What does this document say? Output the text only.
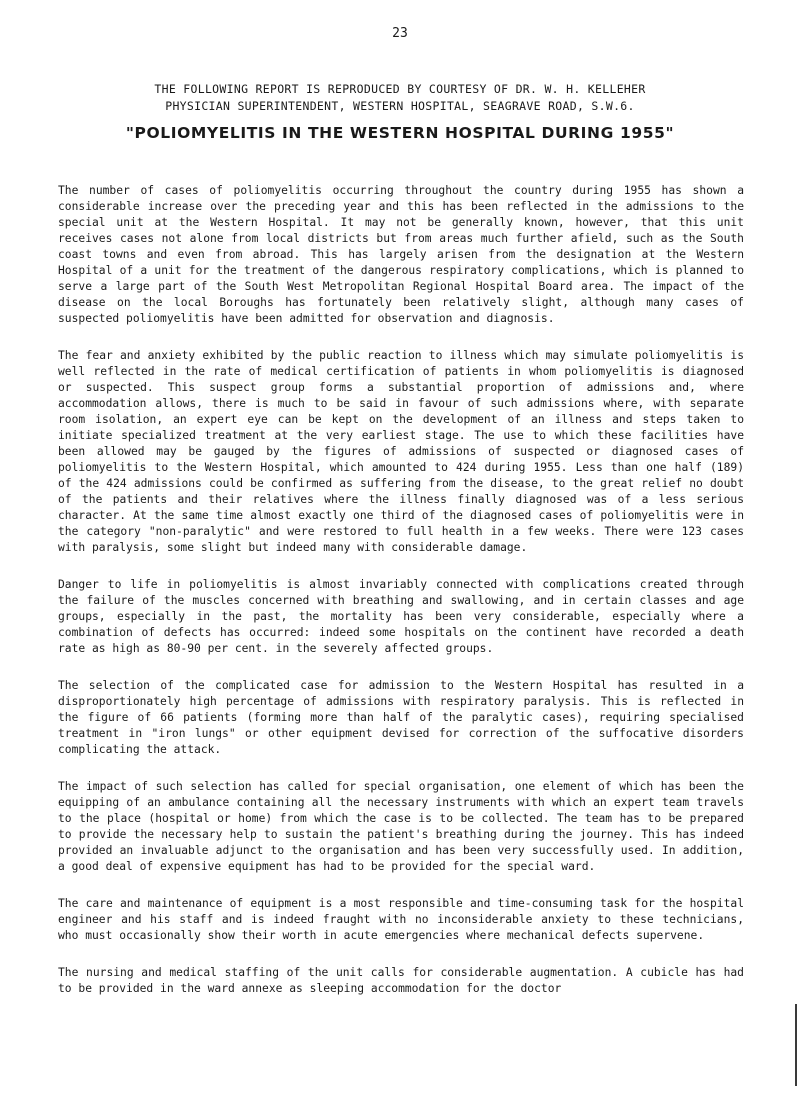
23
THE FOLLOWING REPORT IS REPRODUCED BY COURTESY OF DR. W. H. KELLEHER
PHYSICIAN SUPERINTENDENT, WESTERN HOSPITAL, SEAGRAVE ROAD, S.W.6.
"POLIOMYELITIS IN THE WESTERN HOSPITAL DURING 1955"

The number of cases of poliomyelitis occurring throughout the country during 1955 has shown a considerable increase over the preceding year and this has been reflected in the admissions to the special unit at the Western Hospital. It may not be generally known, however, that this unit receives cases not alone from local districts but from areas much further afield, such as the South coast towns and even from abroad. This has largely arisen from the designation at the Western Hospital of a unit for the treatment of the dangerous respiratory complications, which is planned to serve a large part of the South West Metropolitan Regional Hospital Board area. The impact of the disease on the local Boroughs has fortunately been relatively slight, although many cases of suspected poliomyelitis have been admitted for observation and diagnosis.

The fear and anxiety exhibited by the public reaction to illness which may simulate poliomyelitis is well reflected in the rate of medical certification of patients in whom poliomyelitis is diagnosed or suspected. This suspect group forms a substantial proportion of admissions and, where accommodation allows, there is much to be said in favour of such admissions where, with separate room isolation, an expert eye can be kept on the development of an illness and steps taken to initiate specialized treatment at the very earliest stage. The use to which these facilities have been allowed may be gauged by the figures of admissions of suspected or diagnosed cases of poliomyelitis to the Western Hospital, which amounted to 424 during 1955. Less than one half (189) of the 424 admissions could be confirmed as suffering from the disease, to the great relief no doubt of the patients and their relatives where the illness finally diagnosed was of a less serious character. At the same time almost exactly one third of the diagnosed cases of poliomyelitis were in the category "non-paralytic" and were restored to full health in a few weeks. There were 123 cases with paralysis, some slight but indeed many with considerable damage.

Danger to life in poliomyelitis is almost invariably connected with complications created through the failure of the muscles concerned with breathing and swallowing, and in certain classes and age groups, especially in the past, the mortality has been very considerable, especially where a combination of defects has occurred: indeed some hospitals on the continent have recorded a death rate as high as 80-90 per cent. in the severely affected groups.

The selection of the complicated case for admission to the Western Hospital has resulted in a disproportionately high percentage of admissions with respiratory paralysis. This is reflected in the figure of 66 patients (forming more than half of the paralytic cases), requiring specialised treatment in "iron lungs" or other equipment devised for correction of the suffocative disorders complicating the attack.

The impact of such selection has called for special organisation, one element of which has been the equipping of an ambulance containing all the necessary instruments with which an expert team travels to the place (hospital or home) from which the case is to be collected. The team has to be prepared to provide the necessary help to sustain the patient's breathing during the journey. This has indeed provided an invaluable adjunct to the organisation and has been very successfully used. In addition, a good deal of expensive equipment has had to be provided for the special ward.

The care and maintenance of equipment is a most responsible and time-consuming task for the hospital engineer and his staff and is indeed fraught with no inconsiderable anxiety to these technicians, who must occasionally show their worth in acute emergencies where mechanical defects supervene.

The nursing and medical staffing of the unit calls for considerable augmentation. A cubicle has had to be provided in the ward annexe as sleeping accommodation for the doctor
